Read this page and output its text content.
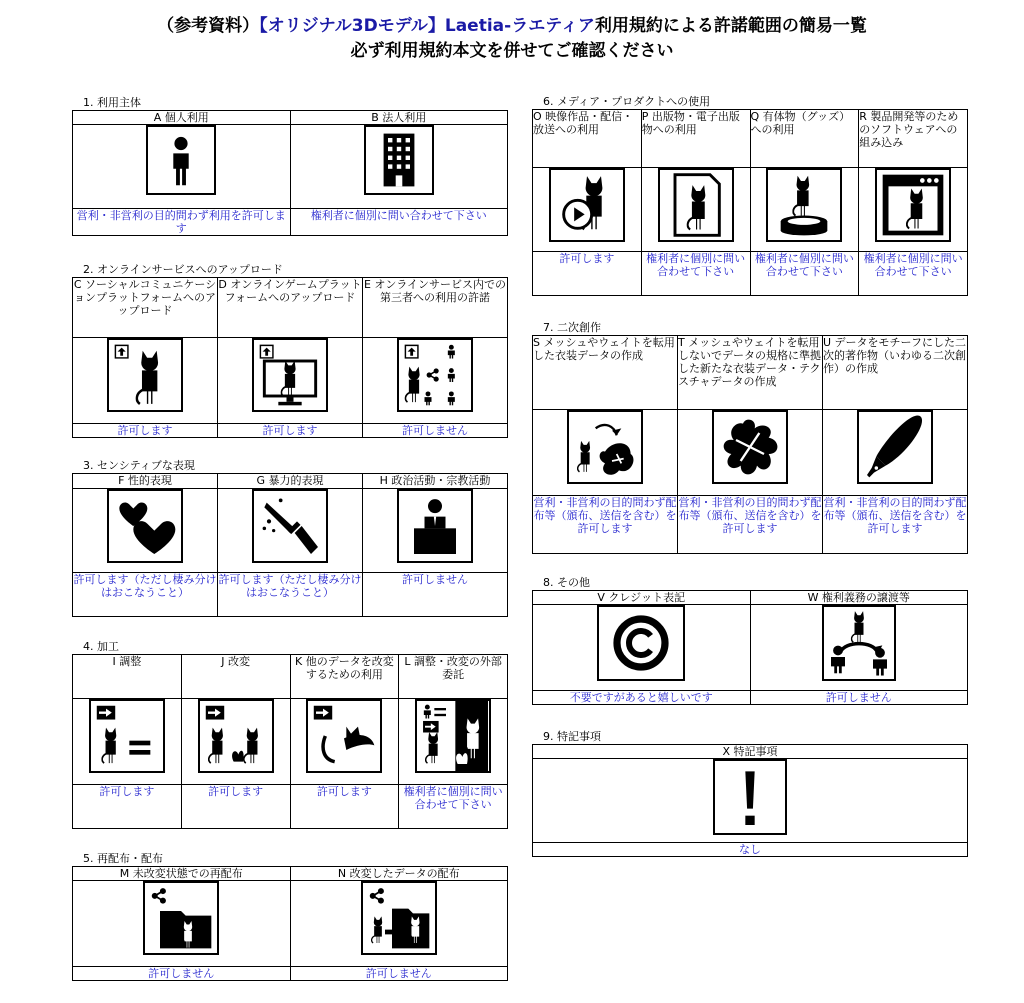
（参考資料）【オリジナル3Dモデル】Laetia-ラエティア利用規約による許諾範囲の簡易一覧
必ず利用規約本文を併せてご確認ください
1. 利用主体
A 個人利用	B 法人利用

営利・非営利の目的問わず利用を許可します	権利者に個別に問い合わせて下さい
2. オンラインサービスへのアップロード
C ソーシャルコミュニケーションプラットフォームへのアップロード	D オンラインゲームプラットフォームへのアップロード	E オンラインサービス内での第三者への利用の許諾

許可します	許可します	許可しません
3. センシティブな表現
F 性的表現	G 暴力的表現	H 政治活動・宗教活動

許可します（ただし棲み分けはおこなうこと）	許可します（ただし棲み分けはおこなうこと）	許可しません
4. 加工
I 調整	J 改変	K 他のデータを改変するための利用	L 調整・改変の外部委託

許可します	許可します	許可します	権利者に個別に問い合わせて下さい
5. 再配布・配布
M 未改変状態での再配布	N 改変したデータの配布

許可しません	許可しません
6. メディア・プロダクトへの使用
O 映像作品・配信・放送への利用	P 出版物・電子出版物への利用	Q 有体物（グッズ）への利用	R 製品開発等のためのソフトウェアへの組み込み

許可します	権利者に個別に問い合わせて下さい	権利者に個別に問い合わせて下さい	権利者に個別に問い合わせて下さい
7. 二次創作
S メッシュやウェイトを転用した衣装データの作成	T メッシュやウェイトを転用しないでデータの規格に準拠した新たな衣装データ・テクスチャデータの作成	U データをモチーフにした二次的著作物（いわゆる二次創作）の作成

営利・非営利の目的問わず配布等（頒布、送信を含む）を許可します	営利・非営利の目的問わず配布等（頒布、送信を含む）を許可します	営利・非営利の目的問わず配布等（頒布、送信を含む）を許可します
8. その他
V クレジット表記	W 権利義務の譲渡等

不要ですがあると嬉しいです	許可しません
9. 特記事項
X 特記事項

なし
